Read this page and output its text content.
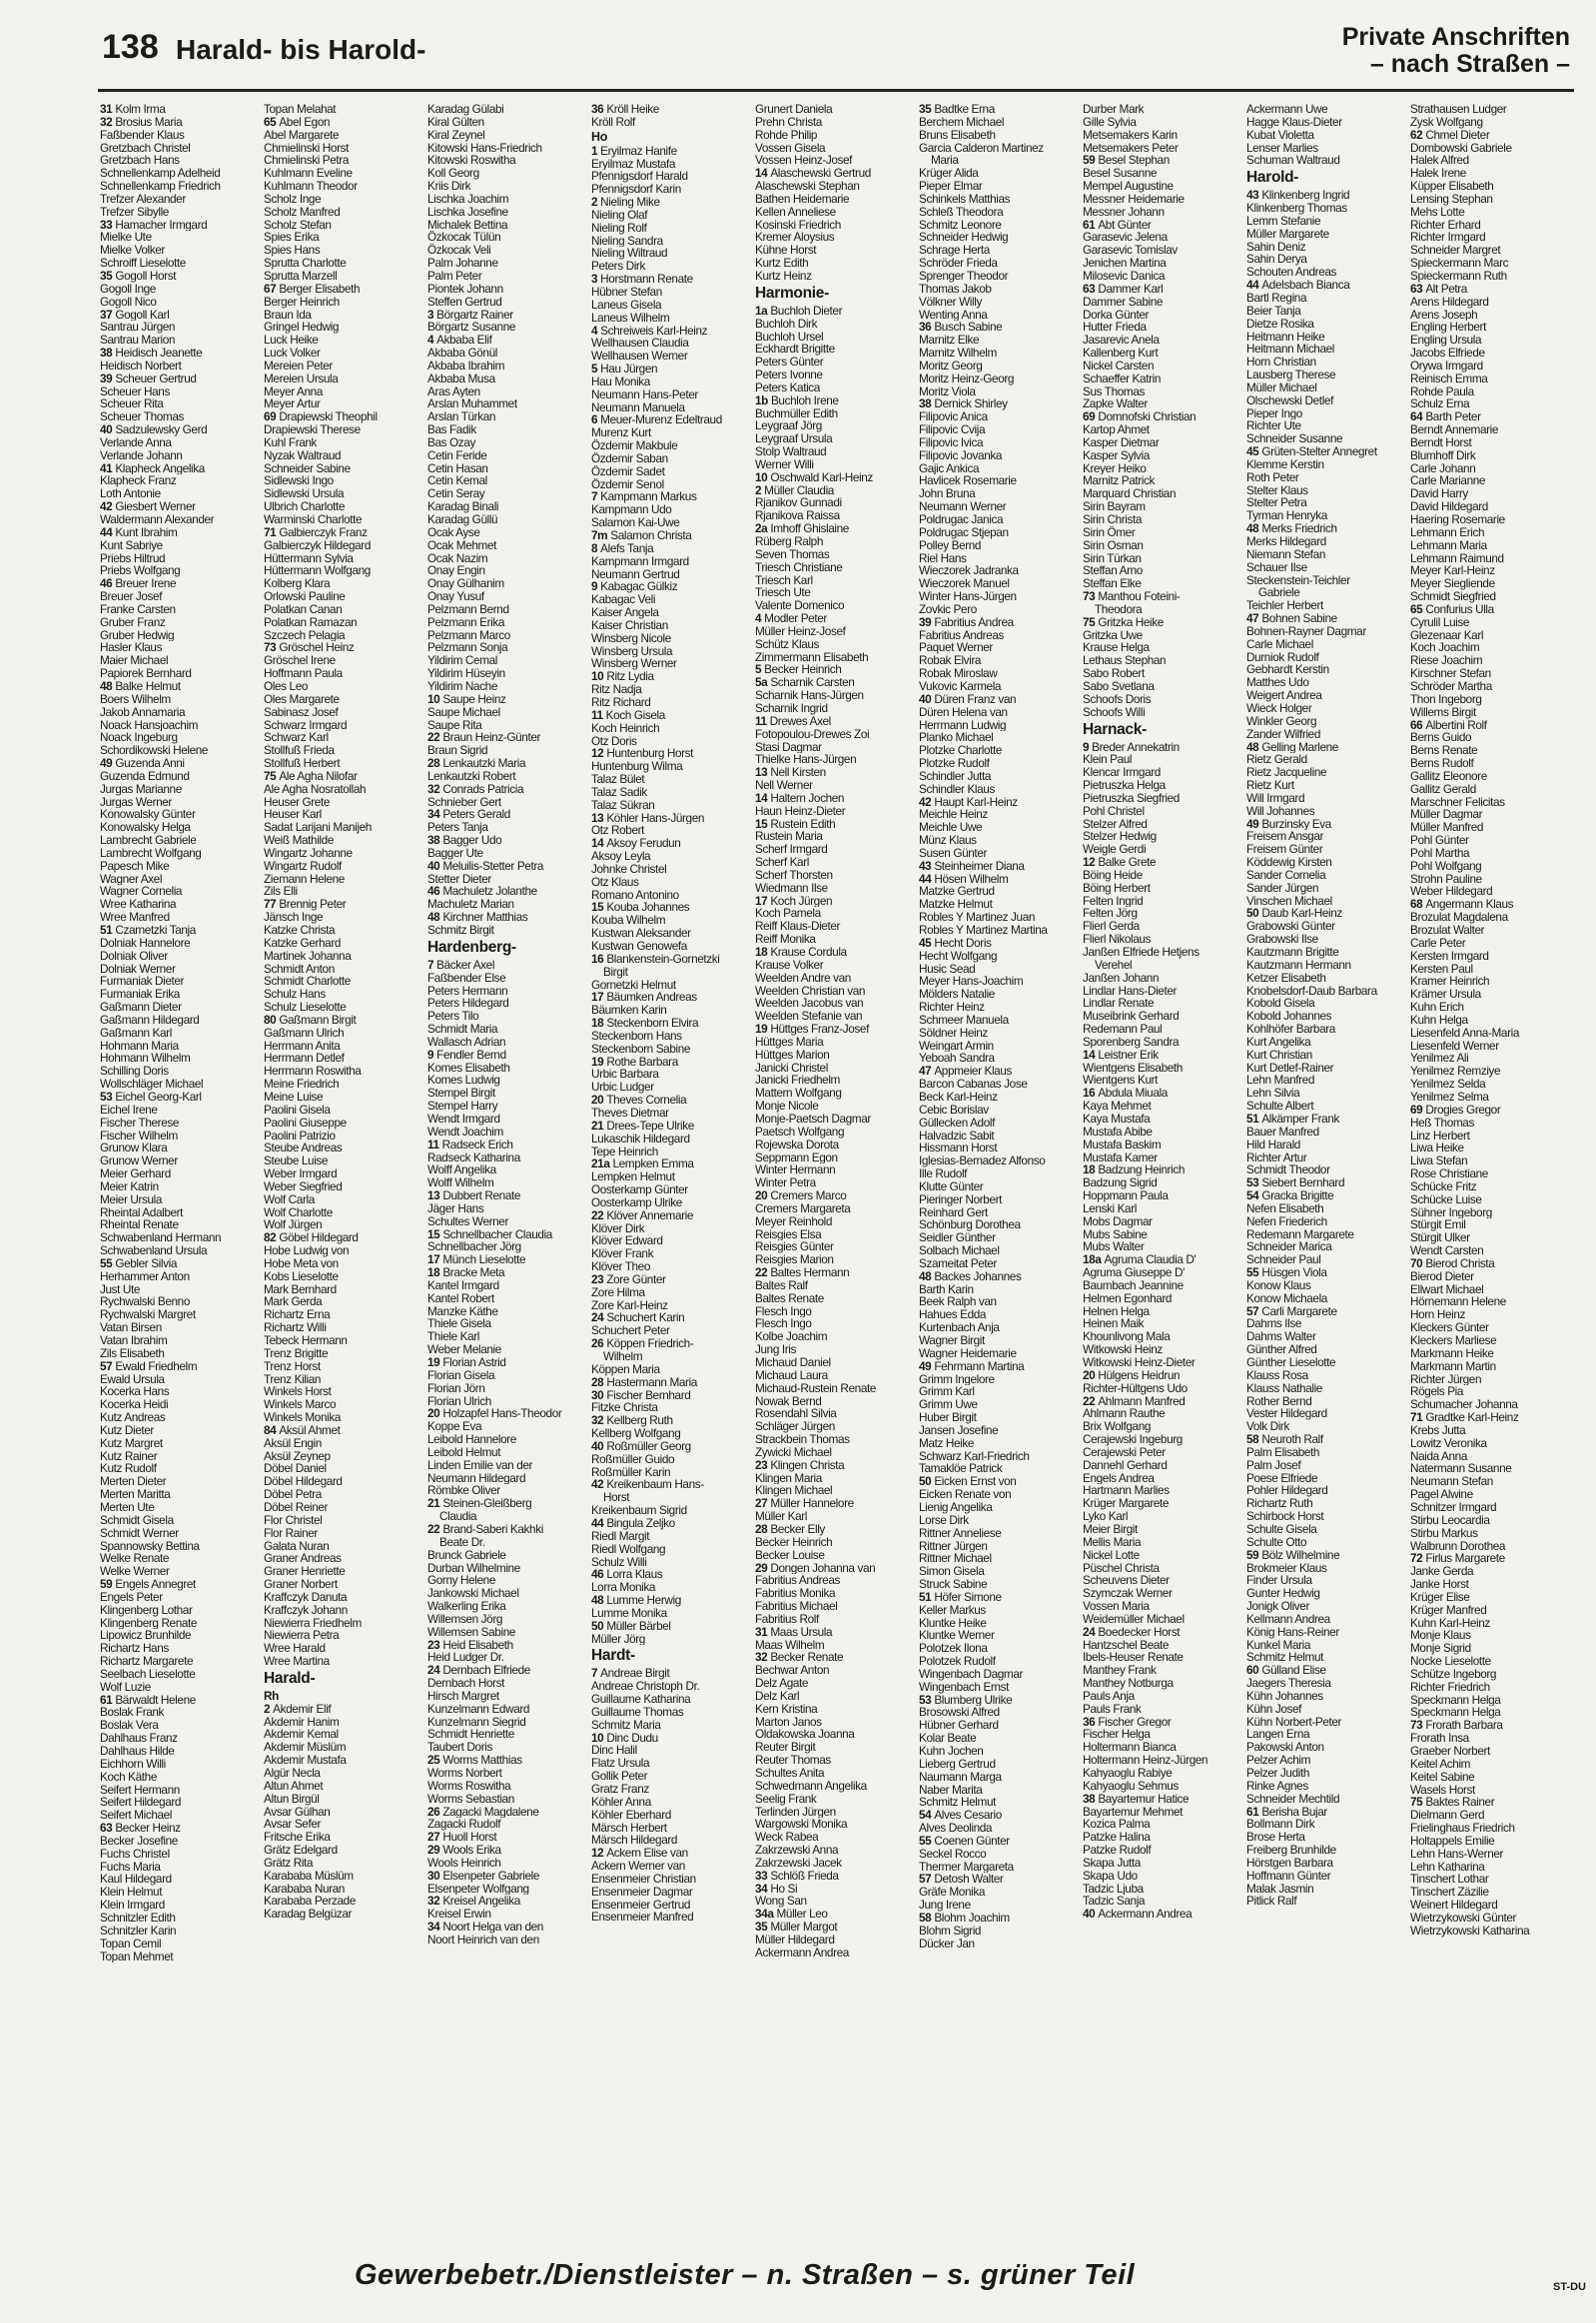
138 Harald- bis Harold-	Private Anschriften
– nach Straßen –
31 Kolm Irma
32 Brosius Maria
Faßbender Klaus
Gretzbach Christel
Gretzbach Hans
Schnellenkamp Adelheid
Schnellenkamp Friedrich
Trefzer Alexander
Trefzer Sibylle
33 Hamacher Irmgard
Mielke Ute
Mielke Volker
Schroiff Lieselotte
35 Gogoll Horst
Gogoll Inge
Gogoll Nico
37 Gogoll Karl
Santrau Jürgen
Santrau Marion
38 Heidisch Jeanette
Heidisch Norbert
39 Scheuer Gertrud
Scheuer Hans
Scheuer Rita
Scheuer Thomas
40 Sadzulewsky Gerd
Verlande Anna
Verlande Johann
41 Klapheck Angelika
Klapheck Franz
Loth Antonie
42 Giesbert Werner
Waldermann Alexander
44 Kunt Ibrahim
Kunt Sabriye
Priebs Hiltrud
Priebs Wolfgang
46 Breuer Irene
Breuer Josef
Franke Carsten
Gruber Franz
Gruber Hedwig
Hasler Klaus
Maier Michael
Papiorek Bernhard
48 Balke Helmut
Boers Wilhelm
Jakob Annamaria
Noack Hansjoachim
Noack Ingeburg
Schordikowski Helene
49 Guzenda Anni
Guzenda Edmund
Jurgas Marianne
Jurgas Werner
Konowalsky Günter
Konowalsky Helga
Lambrecht Gabriele
Lambrecht Wolfgang
Papesch Mike
Wagner Axel
Wagner Cornelia
Wree Katharina
Wree Manfred
51 Czarnetzki Tanja
Dolniak Hannelore
Dolniak Oliver
Dolniak Werner
Furmaniak Dieter
Furmaniak Erika
Gaßmann Dieter
Gaßmann Hildegard
Gaßmann Karl
Hohmann Maria
Hohmann Wilhelm
Schilling Doris
Wollschläger Michael
53 Eichel Georg-Karl
Eichel Irene
Fischer Therese
Fischer Wilhelm
Grunow Klara
Grunow Werner
Meier Gerhard
Meier Katrin
Meier Ursula
Rheintal Adalbert
Rheintal Renate
Schwabenland Hermann
Schwabenland Ursula
55 Gebler Silvia
Herhammer Anton
Just Ute
Rychwalski Benno
Rychwalski Margret
Vatan Birsen
Vatan Ibrahim
Zils Elisabeth
57 Ewald Friedhelm
Ewald Ursula
Kocerka Hans
Kocerka Heidi
Kutz Andreas
Kutz Dieter
Kutz Margret
Kutz Rainer
Kutz Rudolf
Merten Dieter
Merten Maritta
Merten Ute
Schmidt Gisela
Schmidt Werner
Spannowsky Bettina
Welke Renate
Welke Werner
59 Engels Annegret
Engels Peter
Klingenberg Lothar
Klingenberg Renate
Lipowicz Brunhilde
Richartz Hans
Richartz Margarete
Seelbach Lieselotte
Wolf Luzie
61 Bärwaldt Helene
Boslak Frank
Boslak Vera
Dahlhaus Franz
Dahlhaus Hilde
Eichhorn Willi
Koch Käthe
Seifert Hermann
Seifert Hildegard
Seifert Michael
63 Becker Heinz
Becker Josefine
Fuchs Christel
Fuchs Maria
Kaul Hildegard
Klein Helmut
Klein Irmgard
Schnitzler Edith
Schnitzler Karin
Topan Cemil
Topan Mehmet
Topan Melahat
65 Abel Egon
Abel Margarete
Chmielinski Horst
Chmielinski Petra
Kuhlmann Eveline
Kuhlmann Theodor
Scholz Inge
Scholz Manfred
Scholz Stefan
Spies Erika
Spies Hans
Sprutta Charlotte
Sprutta Marzell
67 Berger Elisabeth
Berger Heinrich
Braun Ida
Gringel Hedwig
Luck Heike
Luck Volker
Mereien Peter
Mereien Ursula
Meyer Anna
Meyer Artur
69 Drapiewski Theophil
Drapiewski Therese
Kuhl Frank
Nyzak Waltraud
Schneider Sabine
Sidlewski Ingo
Sidlewski Ursula
Ulbrich Charlotte
Warminski Charlotte
71 Galbierczyk Franz
Galbierczyk Hildegard
Hüttermann Sylvia
Hüttermann Wolfgang
Kolberg Klara
Orlowski Pauline
Polatkan Canan
Polatkan Ramazan
Szczech Pelagia
73 Gröschel Heinz
Gröschel Irene
Hoffmann Paula
Oles Leo
Oles Margarete
Sabinasz Josef
Schwarz Irmgard
Schwarz Karl
Stollfuß Frieda
Stollfuß Herbert
75 Ale Agha Nilofar
Ale Agha Nosratollah
Heuser Grete
Heuser Karl
Sadat Larijani Manijeh
Weiß Mathilde
Wingartz Johanne
Wingartz Rudolf
Ziemann Helene
Zils Elli
77 Brennig Peter
Jänsch Inge
Katzke Christa
Katzke Gerhard
Martinek Johanna
Schmidt Anton
Schmidt Charlotte
Schulz Hans
Schulz Lieselotte
80 Gaßmann Birgit
Gaßmann Ulrich
Herrmann Anita
Herrmann Detlef
Herrmann Roswitha
Meine Friedrich
Meine Luise
Paolini Gisela
Paolini Giuseppe
Paolini Patrizio
Steube Andreas
Steube Luise
Weber Irmgard
Weber Siegfried
Wolf Carla
Wolf Charlotte
Wolf Jürgen
82 Göbel Hildegard
Hobe Ludwig von
Hobe Meta von
Kobs Lieselotte
Mark Bernhard
Mark Gerda
Richartz Erna
Richartz Willi
Tebeck Hermann
Trenz Brigitte
Trenz Horst
Trenz Kilian
Winkels Horst
Winkels Marco
Winkels Monika
84 Aksül Ahmet
Aksül Engin
Aksül Zeynep
Döbel Daniel
Döbel Hildegard
Döbel Petra
Döbel Reiner
Flor Christel
Flor Rainer
Galata Nuran
Graner Andreas
Graner Henriette
Graner Norbert
Kraffczyk Danuta
Kraffczyk Johann
Niewierra Friedhelm
Niewierra Petra
Wree Harald
Wree Martina
Harald-
Rh
2 Akdemir Elif
Akdemir Hanim
Akdemir Kemal
Akdemir Müslüm
Akdemir Mustafa
Algür Necla
Altun Ahmet
Altun Birgül
Avsar Gülhan
Avsar Sefer
Fritsche Erika
Grätz Edelgard
Grätz Rita
Karababa Müslüm
Karababa Nuran
Karababa Perzade
Karadag Belgüzar
Karadag Gülabi
Kiral Gülten
Kiral Zeynel
Kitowski Hans-Friedrich
Kitowski Roswitha
Koll Georg
Kriis Dirk
Lischka Joachim
Lischka Josefine
Michalek Bettina
Özkocak Tülün
Özkocak Veli
Palm Johanne
Palm Peter
Piontek Johann
Steffen Gertrud
3 Börgartz Rainer
Börgartz Susanne
4 Akbaba Elif
Akbaba Gönül
Akbaba Ibrahim
Akbaba Musa
Aras Ayten
Arslan Muhammet
Arslan Türkan
Bas Fadik
Bas Ozay
Cetin Feride
Cetin Hasan
Cetin Kemal
Cetin Seray
Karadag Binali
Karadag Güllü
Ocak Ayse
Ocak Mehmet
Ocak Nazim
Onay Engin
Onay Gülhanim
Onay Yusuf
Pelzmann Bernd
Pelzmann Erika
Pelzmann Marco
Pelzmann Sonja
Yildirim Cemal
Yildirim Hüseyin
Yildirim Nache
10 Saupe Heinz
Saupe Michael
Saupe Rita
22 Braun Heinz-Günter
Braun Sigrid
28 Lenkautzki Maria
Lenkautzki Robert
32 Conrads Patricia
Schnieber Gert
34 Peters Gerald
Peters Tanja
38 Bagger Udo
Bagger Ute
40 Meluilis-Stetter Petra
Stetter Dieter
46 Machuletz Jolanthe
Machuletz Marian
48 Kirchner Matthias
Schmitz Birgit
Hardenberg-
7 Bäcker Axel
Faßbender Else
Peters Hermann
Peters Hildegard
Peters Tilo
Schmidt Maria
Wallasch Adrian
9 Fendler Bernd
Komes Elisabeth
Komes Ludwig
Stempel Birgit
Stempel Harry
Wendt Irmgard
Wendt Joachim
11 Radseck Erich
Radseck Katharina
Wolff Angelika
Wolff Wilhelm
13 Dubbert Renate
Jäger Hans
Schultes Werner
15 Schnellbacher Claudia
Schnellbacher Jörg
17 Münch Lieselotte
18 Bracke Meta
Kantel Irmgard
Kantel Robert
Manzke Käthe
Thiele Gisela
Thiele Karl
Weber Melanie
19 Florian Astrid
Florian Gisela
Florian Jörn
Florian Ulrich
20 Holzapfel Hans-Theodor
Koppe Eva
Leibold Hannelore
Leibold Helmut
Linden Emilie van der
Neumann Hildegard
Römbke Oliver
21 Steinen-Gleißberg
Claudia
22 Brand-Saberi Kakhki
Beate Dr.
Brunck Gabriele
Durban Wilhelmine
Gorny Helene
Jankowski Michael
Walkerling Erika
Willemsen Jörg
Willemsen Sabine
23 Heid Elisabeth
Heid Ludger Dr.
24 Dernbach Elfriede
Dernbach Horst
Hirsch Margret
Kunzelmann Edward
Kunzelmann Siegrid
Schmidt Henriette
Taubert Doris
25 Worms Matthias
Worms Norbert
Worms Roswitha
Worms Sebastian
26 Zagacki Magdalene
Zagacki Rudolf
27 Huoll Horst
29 Wools Erika
Wools Heinrich
30 Elsenpeter Gabriele
Elsenpeter Wolfgang
32 Kreisel Angelika
Kreisel Erwin
34 Noort Helga van den
Noort Heinrich van den
36 Kröll Heike
Kröll Rolf
Ho
1 Eryilmaz Hanife
Eryilmaz Mustafa
Pfennigsdorf Harald
Pfennigsdorf Karin
2 Nieling Mike
Nieling Olaf
Nieling Rolf
Nieling Sandra
Nieling Wiltraud
Peters Dirk
3 Horstmann Renate
Hübner Stefan
Laneus Gisela
Laneus Wilhelm
4 Schreiweis Karl-Heinz
Wellhausen Claudia
Wellhausen Werner
5 Hau Jürgen
Hau Monika
Neumann Hans-Peter
Neumann Manuela
6 Meuer-Murenz Edeltraud
Murenz Kurt
Özdemir Makbule
Özdemir Saban
Özdemir Sadet
Özdemir Senol
7 Kampmann Markus
Kampmann Udo
Salamon Kai-Uwe
7m Salamon Christa
8 Alefs Tanja
Kampmann Irmgard
Neumann Gertrud
9 Kabagac Gülkiz
Kabagac Veli
Kaiser Angela
Kaiser Christian
Winsberg Nicole
Winsberg Ursula
Winsberg Werner
10 Ritz Lydia
Ritz Nadja
Ritz Richard
11 Koch Gisela
Koch Heinrich
Otz Doris
12 Huntenburg Horst
Huntenburg Wilma
Talaz Bület
Talaz Sadik
Talaz Sükran
13 Köhler Hans-Jürgen
Otz Robert
14 Aksoy Ferudun
Aksoy Leyla
Johnke Christel
Otz Klaus
Romano Antonino
15 Kouba Johannes
Kouba Wilhelm
Kustwan Aleksander
Kustwan Genowefa
16 Blankenstein-Gornetzki
Birgit
Gornetzki Helmut
17 Bäumken Andreas
Bäumken Karin
18 Steckenborn Elvira
Steckenborn Hans
Steckenborn Sabine
19 Rothe Barbara
Urbic Barbara
Urbic Ludger
20 Theves Cornelia
Theves Dietmar
21 Drees-Tepe Ulrike
Lukaschik Hildegard
Tepe Heinrich
21a Lempken Emma
Lempken Helmut
Oosterkamp Günter
Oosterkamp Ulrike
22 Klöver Annemarie
Klöver Dirk
Klöver Edward
Klöver Frank
Klöver Theo
23 Zore Günter
Zore Hilma
Zore Karl-Heinz
24 Schuchert Karin
Schuchert Peter
26 Köppen Friedrich-
Wilhelm
Köppen Maria
28 Hastermann Maria
30 Fischer Bernhard
Fitzke Christa
32 Kellberg Ruth
Kellberg Wolfgang
40 Roßmüller Georg
Roßmüller Guido
Roßmüller Karin
42 Kreikenbaum Hans-
Horst
Kreikenbaum Sigrid
44 Bingula Zeljko
Riedl Margit
Riedl Wolfgang
Schulz Willi
46 Lorra Klaus
Lorra Monika
48 Lumme Herwig
Lumme Monika
50 Müller Bärbel
Müller Jörg
Hardt-
7 Andreae Birgit
Andreae Christoph Dr.
Guillaume Katharina
Guillaume Thomas
Schmitz Maria
10 Dinc Dudu
Dinc Halil
Flatz Ursula
Gollik Peter
Gratz Franz
Köhler Anna
Köhler Eberhard
Märsch Herbert
Märsch Hildegard
12 Ackern Elise van
Ackern Werner van
Ensenmeier Christian
Ensenmeier Dagmar
Ensenmeier Gertrud
Ensenmeier Manfred
Grunert Daniela
Prehn Christa
Rohde Philip
Vossen Gisela
Vossen Heinz-Josef
14 Alaschewski Gertrud
Alaschewski Stephan
Bathen Heidemarie
Kellen Anneliese
Kosinski Friedrich
Kremer Aloysius
Kühne Horst
Kurtz Edith
Kurtz Heinz
Harmonie-
1a Buchloh Dieter
Buchloh Dirk
Buchloh Ursel
Eckhardt Brigitte
Peters Günter
Peters Ivonne
Peters Katica
1b Buchloh Irene
Buchmüller Edith
Leygraaf Jörg
Leygraaf Ursula
Stolp Waltraud
Werner Willi
10 Oschwald Karl-Heinz
2 Müller Claudia
Rjanikov Gunnadi
Rjanikova Raissa
2a Imhoff Ghislaine
Rüberg Ralph
Seven Thomas
Triesch Christiane
Triesch Karl
Triesch Ute
Valente Domenico
4 Modler Peter
Müller Heinz-Josef
Schütz Klaus
Zimmermann Elisabeth
5 Becker Heinrich
5a Scharnik Carsten
Scharnik Hans-Jürgen
Scharnik Ingrid
11 Drewes Axel
Fotopoulou-Drewes Zoi
Stasi Dagmar
Thielke Hans-Jürgen
13 Nell Kirsten
Nell Werner
14 Haltern Jochen
Haun Heinz-Dieter
15 Rustein Edith
Rustein Maria
Scherf Irmgard
Scherf Karl
Scherf Thorsten
Wiedmann Ilse
17 Koch Jürgen
Koch Pamela
Reiff Klaus-Dieter
Reiff Monika
18 Krause Cordula
Krause Volker
Weelden Andre van
Weelden Christian van
Weelden Jacobus van
Weelden Stefanie van
19 Hüttges Franz-Josef
Hüttges Maria
Hüttges Marion
Janicki Christel
Janicki Friedhelm
Mattern Wolfgang
Monje Nicole
Monje-Paetsch Dagmar
Paetsch Wolfgang
Rojewska Dorota
Seppmann Egon
Winter Hermann
Winter Petra
20 Cremers Marco
Cremers Margareta
Meyer Reinhold
Reisgies Elsa
Reisgies Günter
Reisgies Marion
22 Baltes Hermann
Baltes Ralf
Baltes Renate
Flesch Ingo
Flesch Ingo
Kolbe Joachim
Jung Iris
Michaud Daniel
Michaud Laura
Michaud-Rustein Renate
Nowak Bernd
Rosendahl Silvia
Schläger Jürgen
Strackbein Thomas
Zywicki Michael
23 Klingen Christa
Klingen Maria
Klingen Michael
27 Müller Hannelore
Müller Karl
28 Becker Elly
Becker Heinrich
Becker Louise
29 Dongen Johanna van
Fabritius Andreas
Fabritius Monika
Fabritius Michael
Fabritius Rolf
31 Maas Ursula
Maas Wilhelm
32 Becker Renate
Bechwar Anton
Delz Agate
Delz Karl
Kern Kristina
Marton Janos
Oldakowska Joanna
Reuter Birgit
Reuter Thomas
Schultes Anita
Schwedmann Angelika
Seelig Frank
Terlinden Jürgen
Wargowski Monika
Weck Rabea
Zakrzewski Anna
Zakrzewski Jacek
33 Schlöß Frieda
34 Ho Si
Wong San
34a Müller Leo
35 Müller Margot
Müller Hildegard
Ackermann Andrea
35 Badtke Erna
Berchem Michael
Bruns Elisabeth
Garcia Calderon Martinez
Maria
Krüger Alida
Pieper Elmar
Schinkels Matthias
Schleß Theodora
Schmitz Leonore
Schneider Hedwig
Schrage Herta
Schröder Frieda
Sprenger Theodor
Thomas Jakob
Völkner Willy
Wenting Anna
36 Busch Sabine
Marnitz Elke
Marnitz Wilhelm
Moritz Georg
Moritz Heinz-Georg
Moritz Viola
38 Dernick Shirley
Filipovic Anica
Filipovic Cvija
Filipovic Ivica
Filipovic Jovanka
Gajic Ankica
Havlicek Rosemarie
John Bruna
Neumann Werner
Poldrugac Janica
Poldrugac Stjepan
Polley Bernd
Riel Hans
Wieczorek Jadranka
Wieczorek Manuel
Winter Hans-Jürgen
Zovkic Pero
39 Fabritius Andrea
Fabritius Andreas
Paquet Werner
Robak Elvira
Robak Miroslaw
Vukovic Karmela
40 Düren Franz van
Düren Helena van
Herrmann Ludwig
Planko Michael
Plotzke Charlotte
Plotzke Rudolf
Schindler Jutta
Schindler Klaus
42 Haupt Karl-Heinz
Meichle Heinz
Meichle Uwe
Münz Klaus
Susen Günter
43 Steinheimer Diana
44 Hösen Wilhelm
Matzke Gertrud
Matzke Helmut
Robles Y Martinez Juan
Robles Y Martinez Martina
45 Hecht Doris
Hecht Wolfgang
Husic Sead
Meyer Hans-Joachim
Mölders Natalie
Richter Heinz
Schmeer Manuela
Söldner Heinz
Weingart Armin
Yeboah Sandra
47 Appmeier Klaus
Barcon Cabanas Jose
Beck Karl-Heinz
Cebic Borislav
Güllecken Adolf
Halvadzic Sabit
Hissmann Horst
Iglesias-Bernadez Alfonso
Ille Rudolf
Klutte Günter
Pieringer Norbert
Reinhard Gert
Schönburg Dorothea
Seidler Günther
Solbach Michael
Szameitat Peter
48 Backes Johannes
Barth Karin
Beek Ralph van
Hahues Edda
Kurtenbach Anja
Wagner Birgit
Wagner Heidemarie
49 Fehrmann Martina
Grimm Ingelore
Grimm Karl
Grimm Uwe
Huber Birgit
Jansen Josefine
Matz Heike
Schwarz Karl-Friedrich
Tamaklöe Patrick
50 Eicken Ernst von
Eicken Renate von
Lienig Angelika
Lorse Dirk
Rittner Anneliese
Rittner Jürgen
Rittner Michael
Simon Gisela
Struck Sabine
51 Höfer Simone
Keller Markus
Kluntke Heike
Kluntke Werner
Polotzek Ilona
Polotzek Rudolf
Wingenbach Dagmar
Wingenbach Ernst
53 Blumberg Ulrike
Brosowski Alfred
Hübner Gerhard
Kolar Beate
Kuhn Jochen
Lieberg Gertrud
Naumann Marga
Naber Marita
Schmitz Helmut
54 Alves Cesario
Alves Deolinda
55 Coenen Günter
Seckel Rocco
Thermer Margareta
57 Detosh Walter
Gräfe Monika
Jung Irene
58 Blohm Joachim
Blohm Sigrid
Dücker Jan
Durber Mark
Gille Sylvia
Metsemakers Karin
Metsemakers Peter
59 Besel Stephan
Besel Susanne
Mempel Augustine
Messner Heidemarie
Messner Johann
61 Abt Günter
Garasevic Jelena
Garasevic Tomislav
Jenichen Martina
Milosevic Danica
63 Dammer Karl
Dammer Sabine
Dorka Günter
Hutter Frieda
Jasarevic Anela
Kallenberg Kurt
Nickel Carsten
Schaeffer Katrin
Sus Thomas
Zapke Walter
69 Domnofski Christian
Kartop Ahmet
Kasper Dietmar
Kasper Sylvia
Kreyer Heiko
Marnitz Patrick
Marquard Christian
Sirin Bayram
Sirin Christa
Sirin Ömer
Sirin Osman
Sirin Türkan
Steffan Arno
Steffan Elke
73 Manthou Foteini-
Theodora
75 Gritzka Heike
Gritzka Uwe
Krause Helga
Lethaus Stephan
Sabo Robert
Sabo Svetlana
Schoofs Doris
Schoofs Willi
Harnack-
9 Breder Annekatrin
Klein Paul
Klencar Irmgard
Pietruszka Helga
Pietruszka Siegfried
Pohl Christel
Stelzer Alfred
Stelzer Hedwig
Weigle Gerdi
12 Balke Grete
Böing Heide
Böing Herbert
Felten Ingrid
Felten Jörg
Flierl Gerda
Flierl Nikolaus
Janßen Elfriede Hetjens
Verehel
Janßen Johann
Lindlar Hans-Dieter
Lindlar Renate
Museibrink Gerhard
Redemann Paul
Sporenberg Sandra
14 Leistner Erik
Wientgens Elisabeth
Wientgens Kurt
16 Abdula Miuala
Kaya Mehmet
Kaya Mustafa
Mustafa Abibe
Mustafa Baskim
Mustafa Kamer
18 Badzung Heinrich
Badzung Sigrid
Hoppmann Paula
Lenski Karl
Mobs Dagmar
Mubs Sabine
Mubs Walter
18a Agruma Claudia D'
Agruma Giuseppe D'
Baumbach Jeannine
Helmen Egonhard
Helnen Helga
Heinen Maik
Khounlivong Mala
Witkowski Heinz
Witkowski Heinz-Dieter
20 Hülgens Heidrun
Richter-Hültgens Udo
22 Ahlmann Manfred
Ahlmann Rauthe
Brix Wolfgang
Cerajewski Ingeburg
Cerajewski Peter
Dannehl Gerhard
Engels Andrea
Hartmann Marlies
Krüger Margarete
Lyko Karl
Meier Birgit
Mellis Maria
Nickel Lotte
Püschel Christa
Scheuvens Dieter
Szymczak Werner
Vossen Maria
Weidemüller Michael
24 Boedecker Horst
Hantzschel Beate
Ibels-Heuser Renate
Manthey Frank
Manthey Notburga
Pauls Anja
Pauls Frank
36 Fischer Gregor
Fischer Helga
Holtermann Bianca
Holtermann Heinz-Jürgen
Kahyaoglu Rabiye
Kahyaoglu Sehmus
38 Bayartemur Hatice
Bayartemur Mehmet
Kozica Palma
Patzke Halina
Patzke Rudolf
Skapa Jutta
Skapa Udo
Tadzic Ljuba
Tadzic Sanja
40 Ackermann Andrea
Ackermann Uwe
Hagge Klaus-Dieter
Kubat Violetta
Lenser Marlies
Schuman Waltraud
Harold-
43 Klinkenberg Ingrid
Klinkenberg Thomas
Lemm Stefanie
Müller Margarete
Sahin Deniz
Sahin Derya
Schouten Andreas
44 Adelsbach Bianca
Bartl Regina
Beier Tanja
Dietze Rosika
Heitmann Heike
Heitmann Michael
Horn Christian
Lausberg Therese
Müller Michael
Olschewski Detlef
Pieper Ingo
Richter Ute
Schneider Susanne
45 Grüten-Stelter Annegret
Klemme Kerstin
Roth Peter
Stelter Klaus
Stelter Petra
Tyrman Henryka
48 Merks Friedrich
Merks Hildegard
Niemann Stefan
Schauer Ilse
Steckenstein-Teichler
Gabriele
Teichler Herbert
47 Bohnen Sabine
Bohnen-Rayner Dagmar
Carle Michael
Durniok Rudolf
Gebhardt Kerstin
Matthes Udo
Weigert Andrea
Wieck Holger
Winkler Georg
Zander Wilfried
48 Gelling Marlene
Rietz Gerald
Rietz Jacqueline
Rietz Kurt
Will Irmgard
Will Johannes
49 Burzinsky Eva
Freisem Ansgar
Freisem Günter
Köddewig Kirsten
Sander Cornelia
Sander Jürgen
Vinschen Michael
50 Daub Karl-Heinz
Grabowski Günter
Grabowski Ilse
Kautzmann Brigitte
Kautzmann Hermann
Ketzer Elisabeth
Knobelsdorf-Daub Barbara
Kobold Gisela
Kobold Johannes
Kohlhöfer Barbara
Kurt Angelika
Kurt Christian
Kurt Detlef-Rainer
Lehn Manfred
Lehn Silvia
Schulte Albert
51 Alkämper Frank
Bauer Manfred
Hild Harald
Richter Artur
Schmidt Theodor
53 Siebert Bernhard
54 Gracka Brigitte
Nefen Elisabeth
Nefen Friederich
Redemann Margarete
Schneider Marica
Schneider Paul
55 Hüsgen Viola
Konow Klaus
Konow Michaela
57 Carli Margarete
Dahms Ilse
Dahms Walter
Günther Alfred
Günther Lieselotte
Klauss Rosa
Klauss Nathalie
Rother Bernd
Vester Hildegard
Volk Dirk
58 Neuroth Ralf
Palm Elisabeth
Palm Josef
Poese Elfriede
Pohler Hildegard
Richartz Ruth
Schirbock Horst
Schulte Gisela
Schulte Otto
59 Bölz Wilhelmine
Brokmeier Klaus
Finder Ursula
Gunter Hedwig
Jonigk Oliver
Kellmann Andrea
König Hans-Reiner
Kunkel Maria
Schmitz Helmut
60 Gülland Elise
Jaegers Theresia
Kühn Johannes
Kühn Josef
Kühn Norbert-Peter
Langen Erna
Pakowski Anton
Pelzer Achim
Pelzer Judith
Rinke Agnes
Schneider Mechtild
61 Berisha Bujar
Bollmann Dirk
Brose Herta
Freiberg Brunhilde
Hörstgen Barbara
Hoffmann Günter
Malak Jasmin
Pitlick Ralf
Strathausen Ludger
Zysk Wolfgang
62 Chmel Dieter
Dombowski Gabriele
Halek Alfred
Halek Irene
Küpper Elisabeth
Lensing Stephan
Mehs Lotte
Richter Erhard
Richter Irmgard
Schneider Margret
Spieckermann Marc
Spieckermann Ruth
63 Alt Petra
Arens Hildegard
Arens Joseph
Engling Herbert
Engling Ursula
Jacobs Elfriede
Orywa Irmgard
Reinisch Emma
Rohde Paula
Schulz Erna
64 Barth Peter
Berndt Annemarie
Berndt Horst
Blumhoff Dirk
Carle Johann
Carle Marianne
David Harry
David Hildegard
Haering Rosemarie
Lehmann Erich
Lehmann Maria
Lehmann Raimund
Meyer Karl-Heinz
Meyer Siegliende
Schmidt Siegfried
65 Confurius Ulla
Cyrulil Luise
Glezenaar Karl
Koch Joachim
Riese Joachim
Kirschner Stefan
Schröder Martha
Thon Ingeborg
Willems Birgit
66 Albertini Rolf
Berns Guido
Berns Renate
Berns Rudolf
Gallitz Eleonore
Gallitz Gerald
Marschner Felicitas
Müller Dagmar
Müller Manfred
Pohl Günter
Pohl Martha
Pohl Wolfgang
Strohn Pauline
Weber Hildegard
68 Angermann Klaus
Brozulat Magdalena
Brozulat Walter
Carle Peter
Kersten Irmgard
Kersten Paul
Kramer Heinrich
Krämer Ursula
Kuhn Erich
Kuhn Helga
Liesenfeld Anna-Maria
Liesenfeld Werner
Yenilmez Ali
Yenilmez Remziye
Yenilmez Selda
Yenilmez Selma
69 Drogies Gregor
Heß Thomas
Linz Herbert
Liwa Heike
Liwa Stefan
Rose Christiane
Schücke Fritz
Schücke Luise
Sühner Ingeborg
Stürgit Emil
Stürgit Ulker
Wendt Carsten
70 Bierod Christa
Bierod Dieter
Ellwart Michael
Hörnemann Helene
Horn Heinz
Kleckers Günter
Kleckers Marliese
Markmann Heike
Markmann Martin
Richter Jürgen
Rögels Pia
Schumacher Johanna
71 Gradtke Karl-Heinz
Krebs Jutta
Lowitz Veronika
Naida Anna
Natermann Susanne
Neumann Stefan
Pagel Alwine
Schnitzer Irmgard
Stirbu Leocardia
Stirbu Markus
Walbrunn Dorothea
72 Firlus Margarete
Janke Gerda
Janke Horst
Krüger Elise
Krüger Manfred
Kuhn Karl-Heinz
Monje Klaus
Monje Sigrid
Nocke Lieselotte
Schütze Ingeborg
Richter Friedrich
Speckmann Helga
Speckmann Helga
73 Frorath Barbara
Frorath Insa
Graeber Norbert
Keitel Achim
Keitel Sabine
Wasels Horst
75 Baktes Rainer
Dielmann Gerd
Frielinghaus Friedrich
Holtappels Emilie
Lehn Hans-Werner
Lehn Katharina
Tinschert Lothar
Tinschert Zäzilie
Weinert Hildegard
Wietrzykowski Günter
Wietrzykowski Katharina
Gewerbebetr./Dienstleister – n. Straßen – s. grüner Teil	ST-DU
